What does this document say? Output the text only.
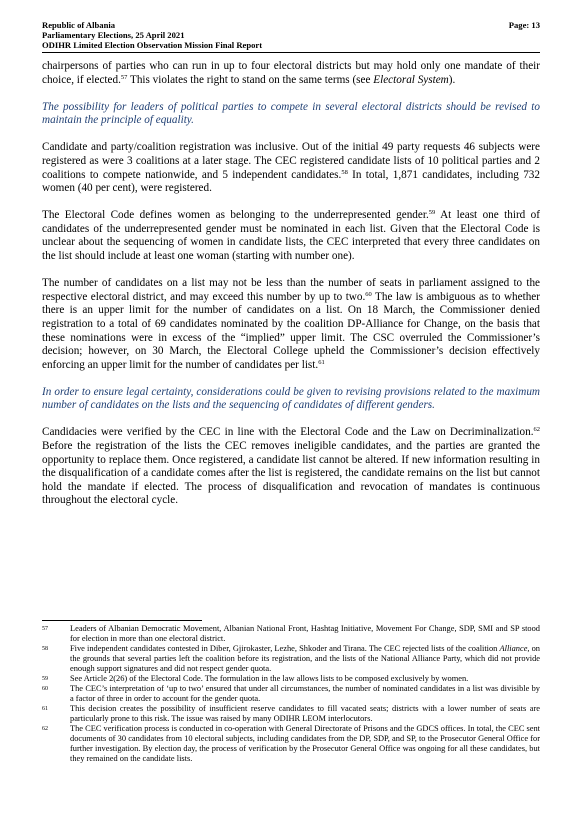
Republic of Albania
Parliamentary Elections, 25 April 2021
ODIHR Limited Election Observation Mission Final Report
Page: 13

chairpersons of parties who can run in up to four electoral districts but may hold only one mandate of their choice, if elected.$^{57}$ This violates the right to stand on the same terms (see Electoral System).

The possibility for leaders of political parties to compete in several electoral districts should be revised to maintain the principle of equality.

Candidate and party/coalition registration was inclusive. Out of the initial 49 party requests 46 subjects were registered as were 3 coalitions at a later stage. The CEC registered candidate lists of 10 political parties and 2 coalitions to compete nationwide, and 5 independent candidates.$^{58}$ In total, 1,871 candidates, including 732 women (40 per cent), were registered.

The Electoral Code defines women as belonging to the underrepresented gender.$^{59}$ At least one third of candidates of the underrepresented gender must be nominated in each list. Given that the Electoral Code is unclear about the sequencing of women in candidate lists, the CEC interpreted that every three candidates on the list should include at least one woman (starting with number one).

The number of candidates on a list may not be less than the number of seats in parliament assigned to the respective electoral district, and may exceed this number by up to two.$^{60}$ The law is ambiguous as to whether there is an upper limit for the number of candidates on a list. On 18 March, the Commissioner denied registration to a total of 69 candidates nominated by the coalition DP-Alliance for Change, on the basis that these nominations were in excess of the “implied” upper limit. The CSC overruled the Commissioner’s decision; however, on 30 March, the Electoral College upheld the Commissioner’s decision effectively enforcing an upper limit for the number of candidates per list.$^{61}$

In order to ensure legal certainty, considerations could be given to revising provisions related to the maximum number of candidates on the lists and the sequencing of candidates of different genders.

Candidacies were verified by the CEC in line with the Electoral Code and the Law on Decriminalization.$^{62}$ Before the registration of the lists the CEC removes ineligible candidates, and the parties are granted the opportunity to replace them. Once registered, a candidate list cannot be altered. If new information resulting in the disqualification of a candidate comes after the list is registered, the candidate remains on the list but cannot hold the mandate if elected. The process of disqualification and revocation of mandates is continuous throughout the electoral cycle.

57	Leaders of Albanian Democratic Movement, Albanian National Front, Hashtag Initiative, Movement For Change, SDP, SMI and SP stood for election in more than one electoral district.
58	Five independent candidates contested in Diber, Gjirokaster, Lezhe, Shkoder and Tirana. The CEC rejected lists of the coalition Alliance, on the grounds that several parties left the coalition before its registration, and the lists of the National Alliance Party, which did not provide enough support signatures and did not respect gender quota.
59	See Article 2(26) of the Electoral Code. The formulation in the law allows lists to be composed exclusively by women.
60	The CEC’s interpretation of ‘up to two’ ensured that under all circumstances, the number of nominated candidates in a list was divisible by a factor of three in order to account for the gender quota.
61	This decision creates the possibility of insufficient reserve candidates to fill vacated seats; districts with a lower number of seats are particularly prone to this risk. The issue was raised by many ODIHR LEOM interlocutors.
62	The CEC verification process is conducted in co-operation with General Directorate of Prisons and the GDCS offices. In total, the CEC sent documents of 30 candidates from 10 electoral subjects, including candidates from the DP, SDP, and SP, to the Prosecutor General Office for further investigation. By election day, the process of verification by the Prosecutor General Office was ongoing for all these candidates, but they remained on the candidate lists.
